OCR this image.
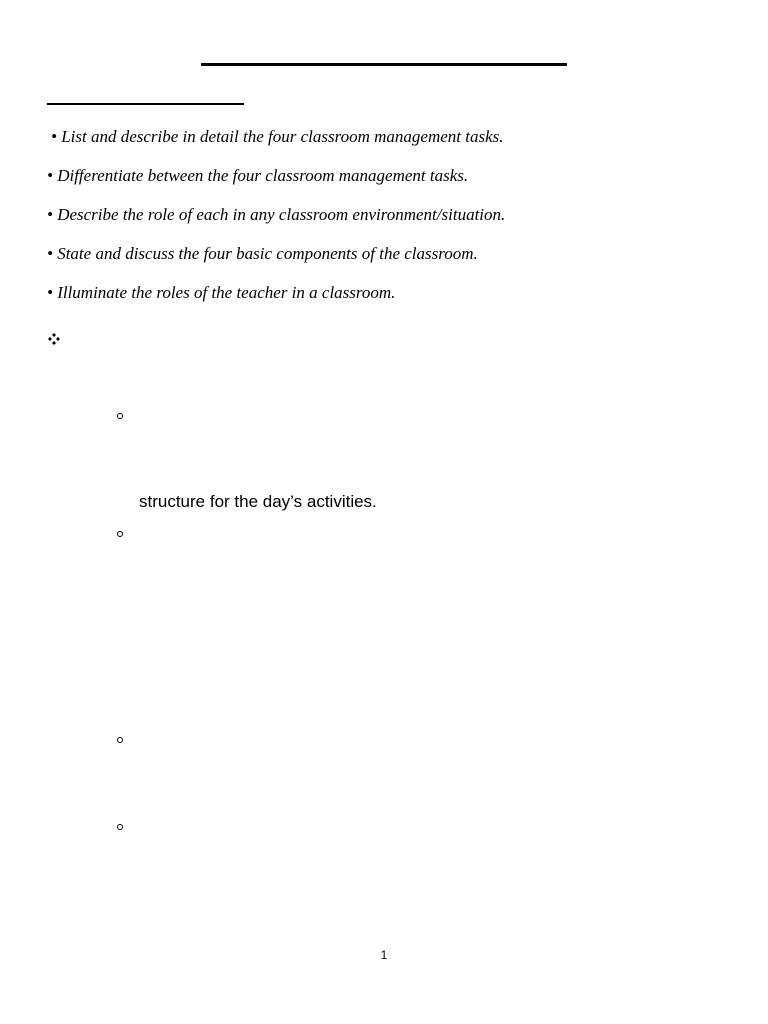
• List and describe in detail the four classroom management tasks.
• Differentiate between the four classroom management tasks.
• Describe the role of each in any classroom environment/situation.
• State and discuss the four basic components of the classroom.
• Illuminate the roles of the teacher in a classroom.
structure for the day’s activities.
1
